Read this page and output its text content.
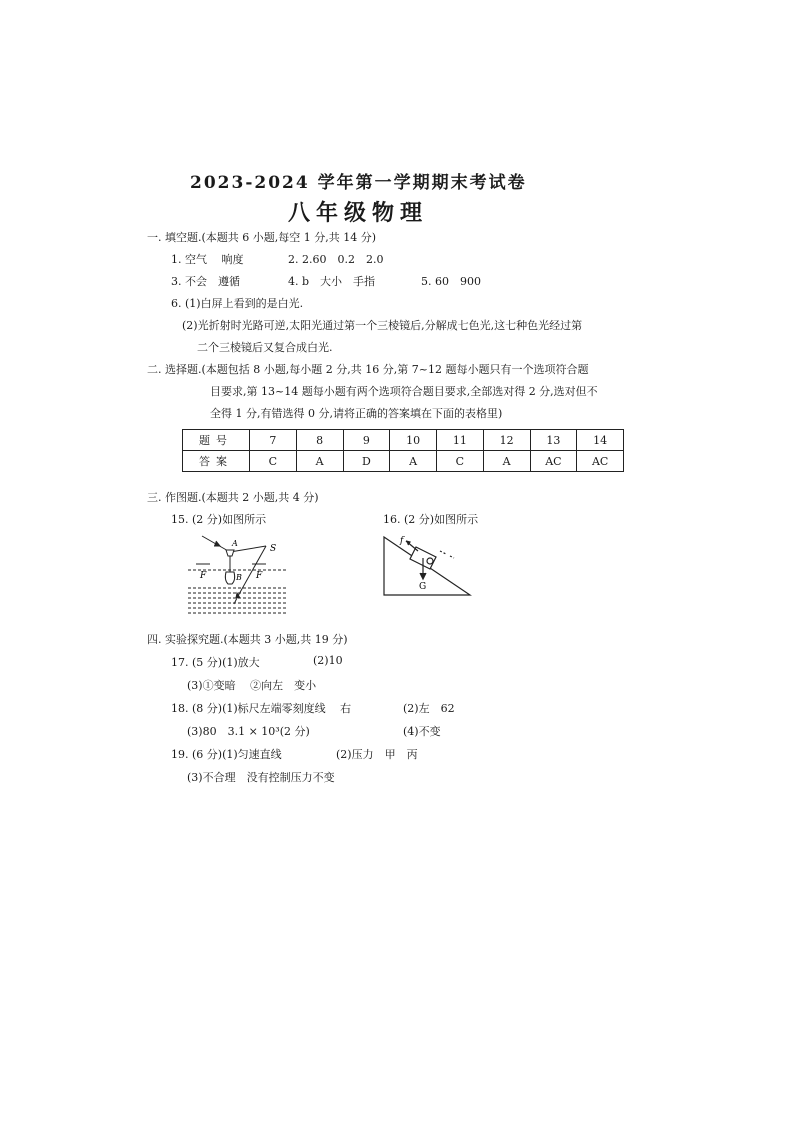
2023-2024 学年第一学期期末考试卷
八年级物理
一. 填空题.(本题共 6 小题,每空 1 分,共 14 分)
1. 空气　 响度	2. 2.60　0.2　2.0
3. 不会　遵循	4. b　大小　手指	5. 60　900
6. (1)白屏上看到的是白光.
(2)光折射时光路可逆,太阳光通过第一个三棱镜后,分解成七色光,这七种色光经过第
二个三棱镜后又复合成白光.
二. 选择题.(本题包括 8 小题,每小题 2 分,共 16 分,第 7~12 题每小题只有一个选项符合题
目要求,第 13~14 题每小题有两个选项符合题目要求,全部选对得 2 分,选对但不
全得 1 分,有错选得 0 分,请将正确的答案填在下面的表格里)
题号	7	8	9	10	11	12	13	14
答案	C	A	D	A	C	A	AC	AC
三. 作图题.(本题共 2 小题,共 4 分)
15. (2 分)如图所示	16. (2 分)如图所示
A
S
B
F	F
f
G
四. 实验探究题.(本题共 3 小题,共 19 分)
17. (5 分)(1)放大	(2)10
(3)①变暗　 ②向左　变小
18. (8 分)(1)标尺左端零刻度线　 右	(2)左　62
(3)80　3.1 × 10³(2 分)	(4)不变
19. (6 分)(1)匀速直线	(2)压力　甲　丙
(3)不合理　没有控制压力不变
